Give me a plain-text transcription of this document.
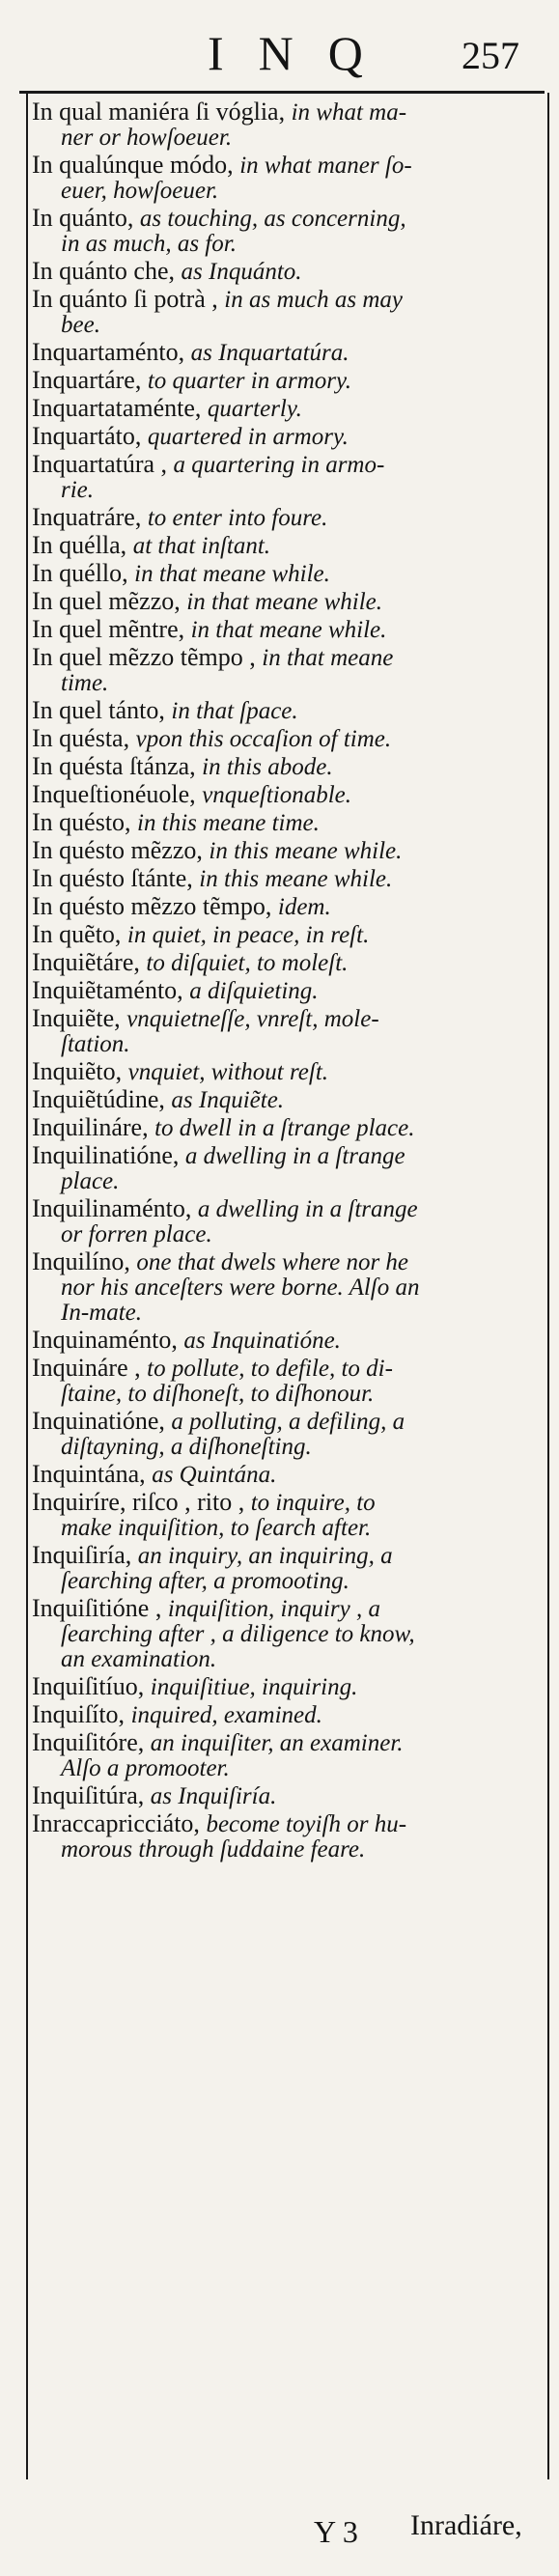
INQ 257
In qual maniéra ſi vóglia, in what ma-
ner or howſoeuer.
In qualúnque módo, in what maner ſo-
euer, howſoeuer.
In quánto, as touching, as concerning,
in as much, as for.
In quánto che, as Inquánto.
In quánto ſi potrà , in as much as may
bee.
Inquartaménto, as Inquartatúra.
Inquartáre, to quarter in armory.
Inquartataménte, quarterly.
Inquartáto, quartered in armory.
Inquartatúra , a quartering in armo-
rie.
Inquatráre, to enter into foure.
In quélla, at that inſtant.
In quéllo, in that meane while.
In quel mẽzzo, in that meane while.
In quel mẽntre, in that meane while.
In quel mẽzzo tẽmpo , in that meane
time.
In quel tánto, in that ſpace.
In quésta, vpon this occaſion of time.
In quésta ſtánza, in this abode.
Inqueſtionéuole, vnqueſtionable.
In quésto, in this meane time.
In quésto mẽzzo, in this meane while.
In quésto ſtánte, in this meane while.
In quésto mẽzzo tẽmpo, idem.
In quẽto, in quiet, in peace, in reſt.
Inquiẽtáre, to diſquiet, to moleſt.
Inquiẽtaménto, a diſquieting.
Inquiẽte, vnquietneſſe, vnreſt, mole-
ſtation.
Inquiẽto, vnquiet, without reſt.
Inquiẽtúdine, as Inquiẽte.
Inquilináre, to dwell in a ſtrange place.
Inquilinatióne, a dwelling in a ſtrange
place.
Inquilinaménto, a dwelling in a ſtrange
or forren place.
Inquilíno, one that dwels where nor he
nor his anceſters were borne. Alſo an
In-mate.
Inquinaménto, as Inquinatióne.
Inquináre , to pollute, to defile, to di-
ſtaine, to diſhoneſt, to diſhonour.
Inquinatióne, a polluting, a defiling, a
diſtayning, a diſhoneſting.
Inquintána, as Quintána.
Inquiríre, riſco , rito , to inquire, to
make inquiſition, to ſearch after.
Inquiſiría, an inquiry, an inquiring, a
ſearching after, a promooting.
Inquiſitióne , inquiſition, inquiry , a
ſearching after , a diligence to know,
an examination.
Inquiſitíuo, inquiſitiue, inquiring.
Inquiſíto, inquired, examined.
Inquiſitóre, an inquiſiter, an examiner.
Alſo a promooter.
Inquiſitúra, as Inquiſiría.
Inraccapricciáto, become toyiſh or hu-
morous through ſuddaine feare.
Y 3 Inradiáre,
